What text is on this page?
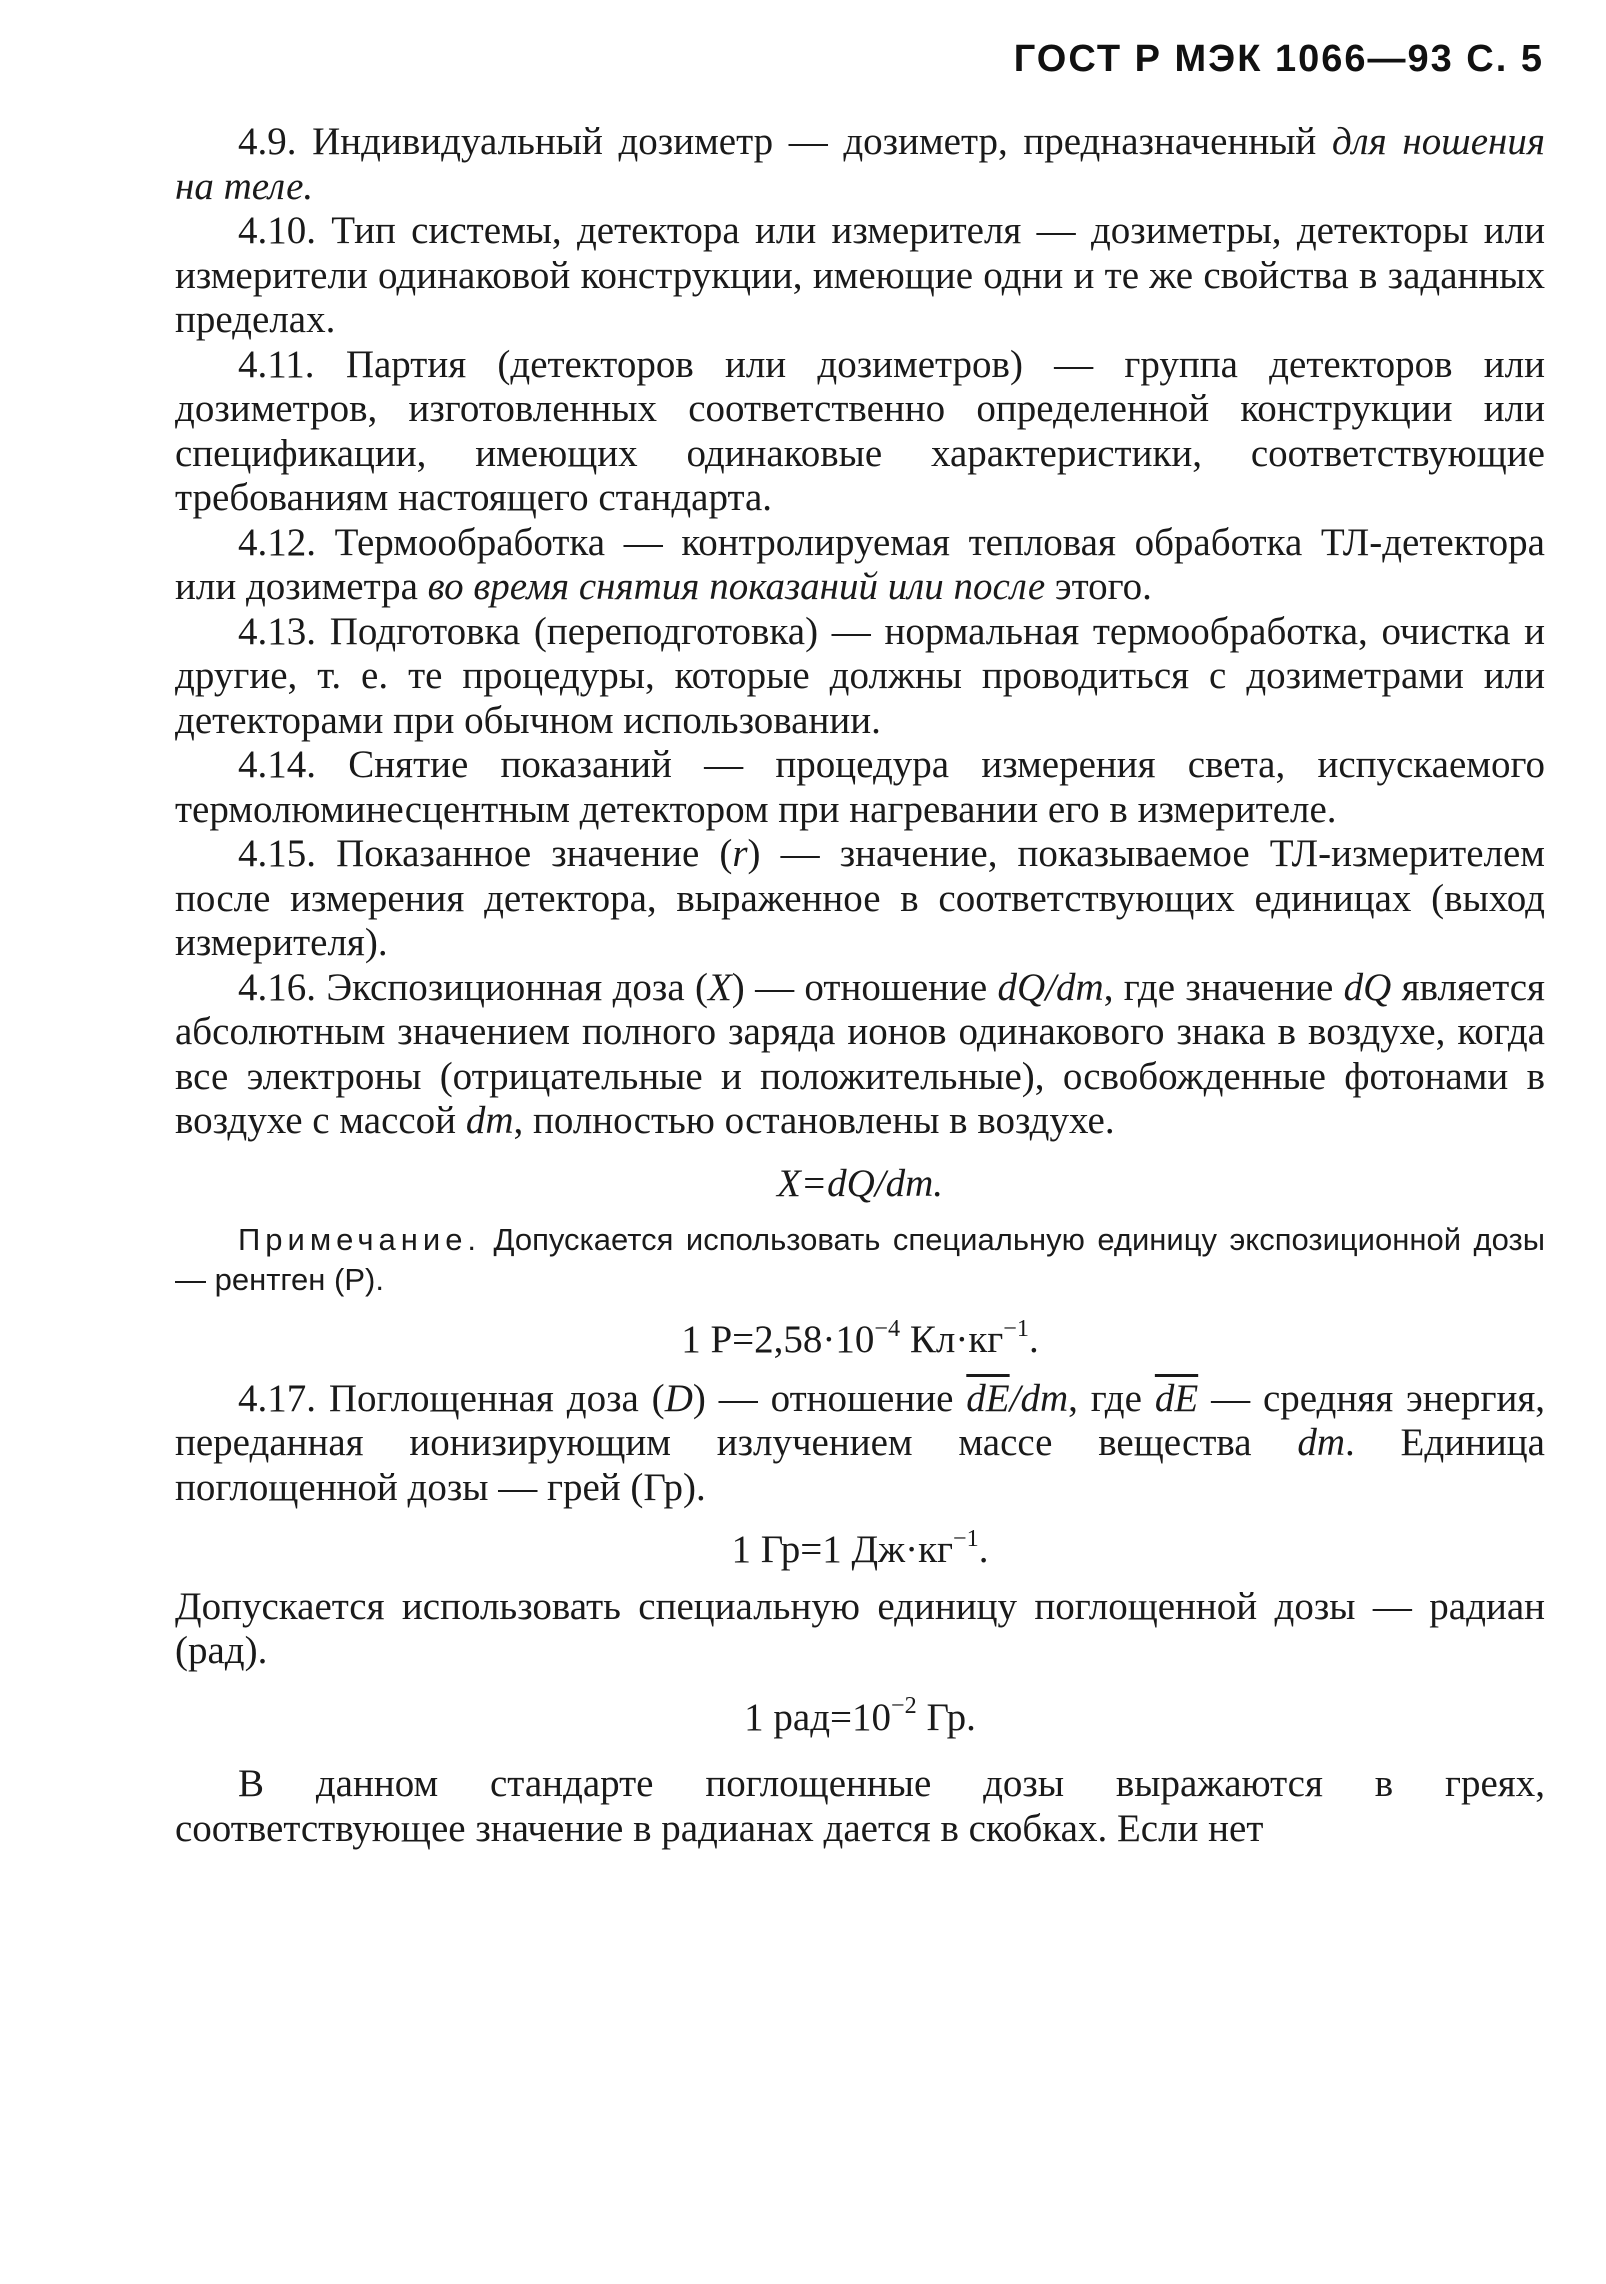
ГОСТ Р МЭК 1066—93 С. 5

4.9. Индивидуальный дозиметр — дозиметр, предназначенный для ношения на теле.

4.10. Тип системы, детектора или измерителя — дозиметры, детекторы или измерители одинаковой конструкции, имеющие одни и те же свойства в заданных пределах.

4.11. Партия (детекторов или дозиметров) — группа детекторов или дозиметров, изготовленных соответственно определенной конструкции или спецификации, имеющих одинаковые характеристики, соответствующие требованиям настоящего стандарта.

4.12. Термообработка — контролируемая тепловая обработка ТЛ-детектора или дозиметра во время снятия показаний или после этого.

4.13. Подготовка (переподготовка) — нормальная термообработка, очистка и другие, т. е. те процедуры, которые должны проводиться с дозиметрами или детекторами при обычном использовании.

4.14. Снятие показаний — процедура измерения света, испускаемого термолюминесцентным детектором при нагревании его в измерителе.

4.15. Показанное значение (r) — значение, показываемое ТЛ-измерителем после измерения детектора, выраженное в соответствующих единицах (выход измерителя).

4.16. Экспозиционная доза (X) — отношение dQ/dm, где значение dQ является абсолютным значением полного заряда ионов одинакового знака в воздухе, когда все электроны (отрицательные и положительные), освобожденные фотонами в воздухе с массой dm, полностью остановлены в воздухе.

X=dQ/dm.

Примечание. Допускается использовать специальную единицу экспозиционной дозы — рентген (Р).

1 $Р=2,58\cdot 10^{-4}$ $Кл\cdot кг^{-1}$.

4.17. Поглощенная доза (D) — отношение $\overline{dE}/dm$, где $\overline{dE}$ — средняя энергия, переданная ионизирующим излучением массе вещества dm. Единица поглощенной дозы — грей (Гр).

1 Гр=1 $Дж\cdot кг^{-1}$.

Допускается использовать специальную единицу поглощенной дозы — радиан (рад).

1 $рад=10^{-2}$ Гр.

В данном стандарте поглощенные дозы выражаются в греях, соответствующее значение в радианах дается в скобках. Если нет
